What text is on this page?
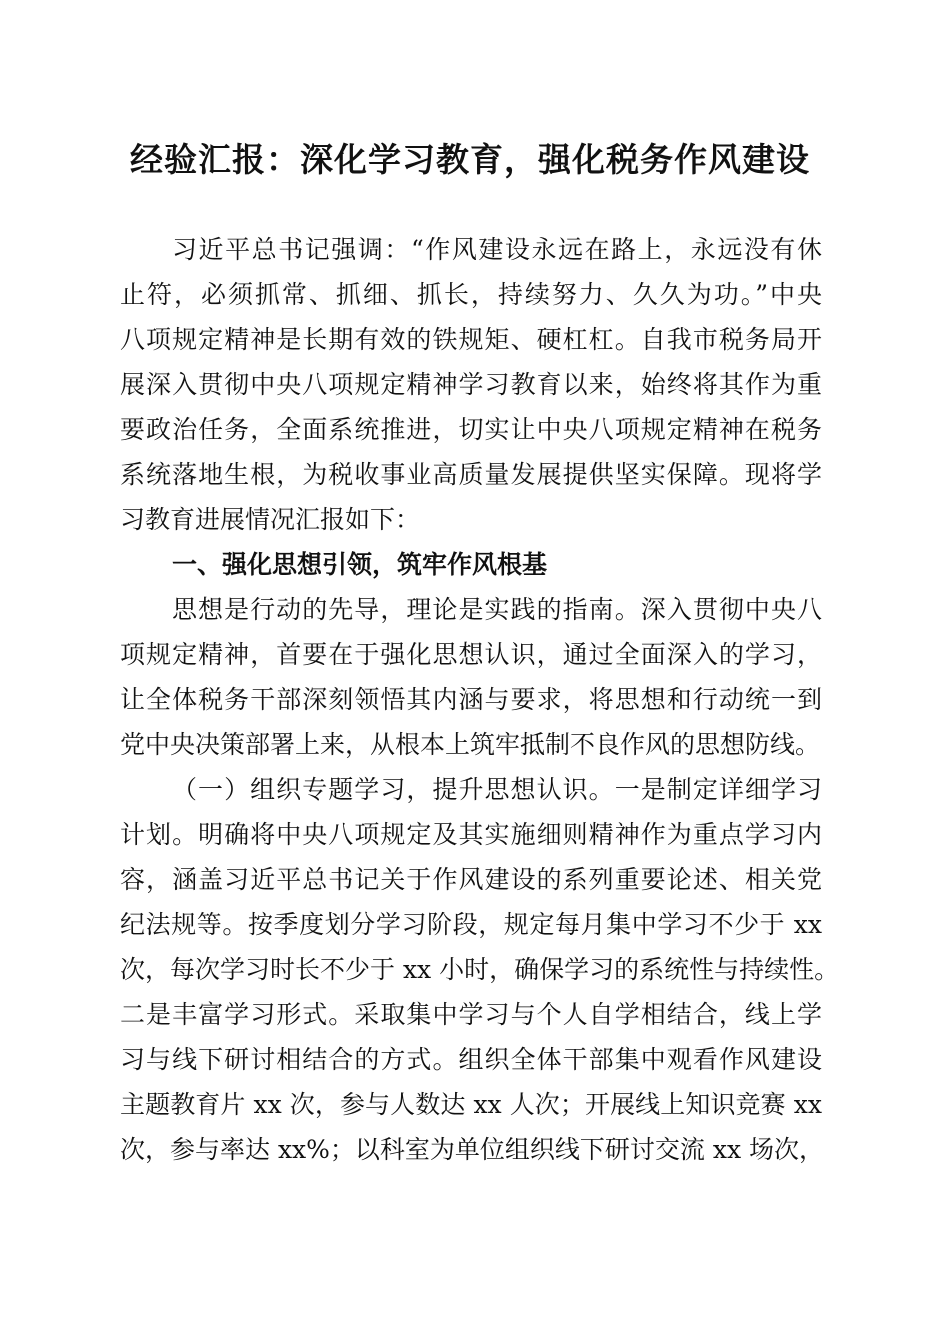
经验汇报：深化学习教育，强化税务作风建设
习近平总书记强调：“作风建设永远在路上，永远没有休
止符，必须抓常、抓细、抓长，持续努力、久久为功。”中央
八项规定精神是长期有效的铁规矩、硬杠杠。自我市税务局开
展深入贯彻中央八项规定精神学习教育以来，始终将其作为重
要政治任务，全面系统推进，切实让中央八项规定精神在税务
系统落地生根，为税收事业高质量发展提供坚实保障。现将学
习教育进展情况汇报如下：
一、强化思想引领，筑牢作风根基
思想是行动的先导，理论是实践的指南。深入贯彻中央八
项规定精神，首要在于强化思想认识，通过全面深入的学习，
让全体税务干部深刻领悟其内涵与要求，将思想和行动统一到
党中央决策部署上来，从根本上筑牢抵制不良作风的思想防线。
（一）组织专题学习，提升思想认识。一是制定详细学习
计划。明确将中央八项规定及其实施细则精神作为重点学习内
容，涵盖习近平总书记关于作风建设的系列重要论述、相关党
纪法规等。按季度划分学习阶段，规定每月集中学习不少于 xx
次，每次学习时长不少于 xx 小时，确保学习的系统性与持续性。
二是丰富学习形式。采取集中学习与个人自学相结合，线上学
习与线下研讨相结合的方式。组织全体干部集中观看作风建设
主题教育片 xx 次，参与人数达 xx 人次；开展线上知识竞赛 xx
次，参与率达 xx%；以科室为单位组织线下研讨交流 xx 场次，
